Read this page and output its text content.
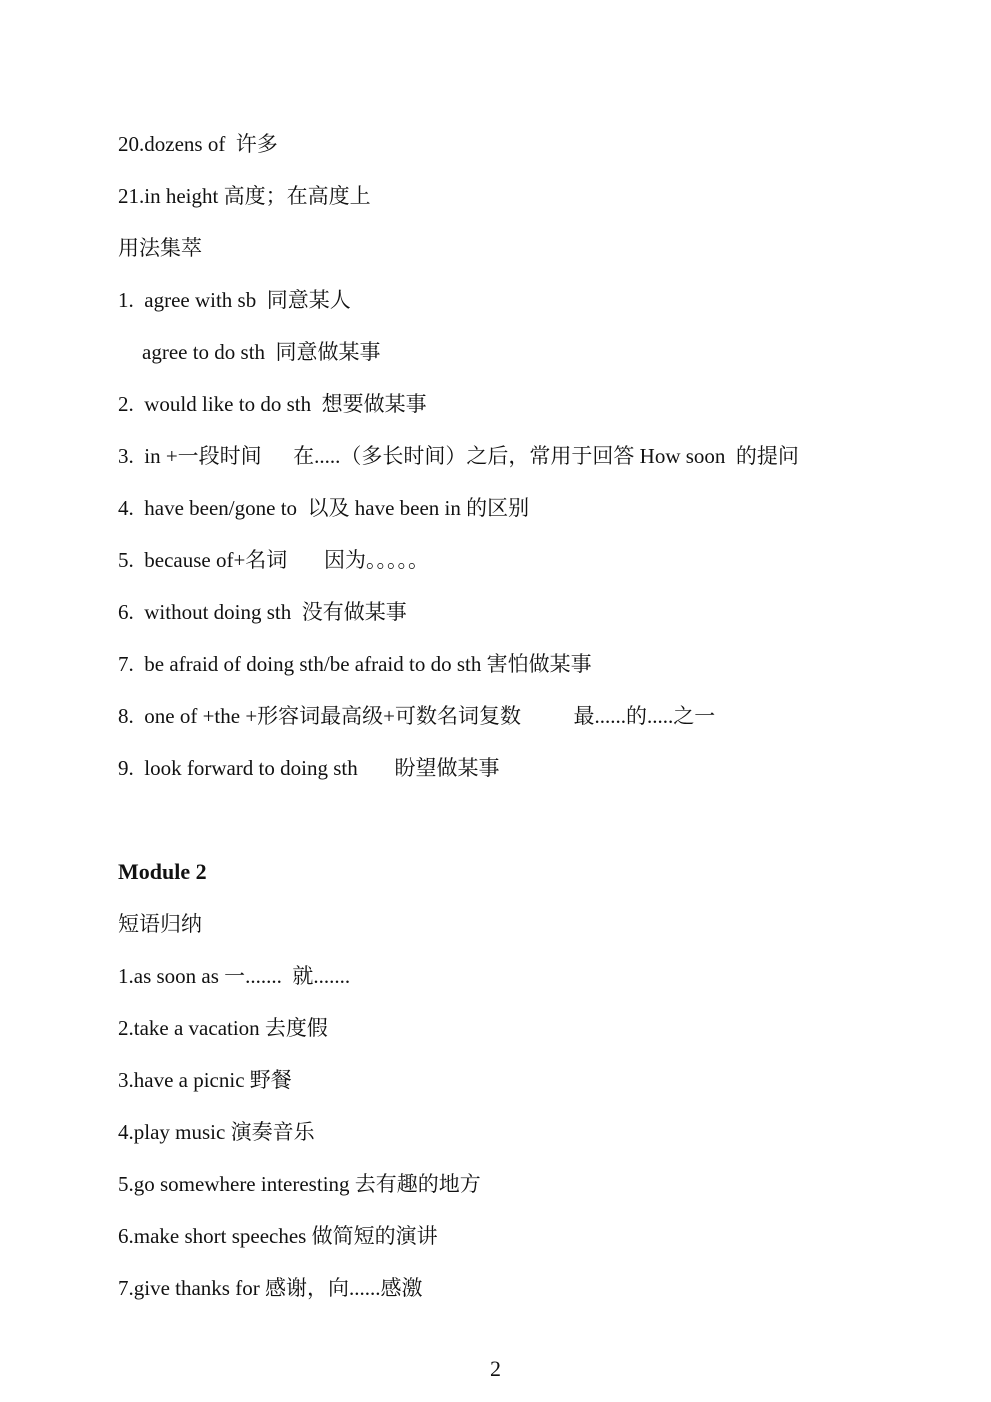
20.dozens of  许多
21.in height 高度；在高度上
用法集萃
1.  agree with sb  同意某人
agree to do sth  同意做某事
2.  would like to do sth  想要做某事
3.  in +一段时间      在.....（多长时间）之后，常用于回答 How soon  的提问
4.  have been/gone to  以及 have been in 的区别
5.  because of+名词       因为。。。。。
6.  without doing sth  没有做某事
7.  be afraid of doing sth/be afraid to do sth 害怕做某事
8.  one of +the +形容词最高级+可数名词复数          最......的.....之一
9.  look forward to doing sth       盼望做某事
Module 2
短语归纳
1.as soon as 一.......  就.......
2.take a vacation 去度假
3.have a picnic 野餐
4.play music 演奏音乐
5.go somewhere interesting 去有趣的地方
6.make short speeches 做简短的演讲
7.give thanks for 感谢，向......感激
2
